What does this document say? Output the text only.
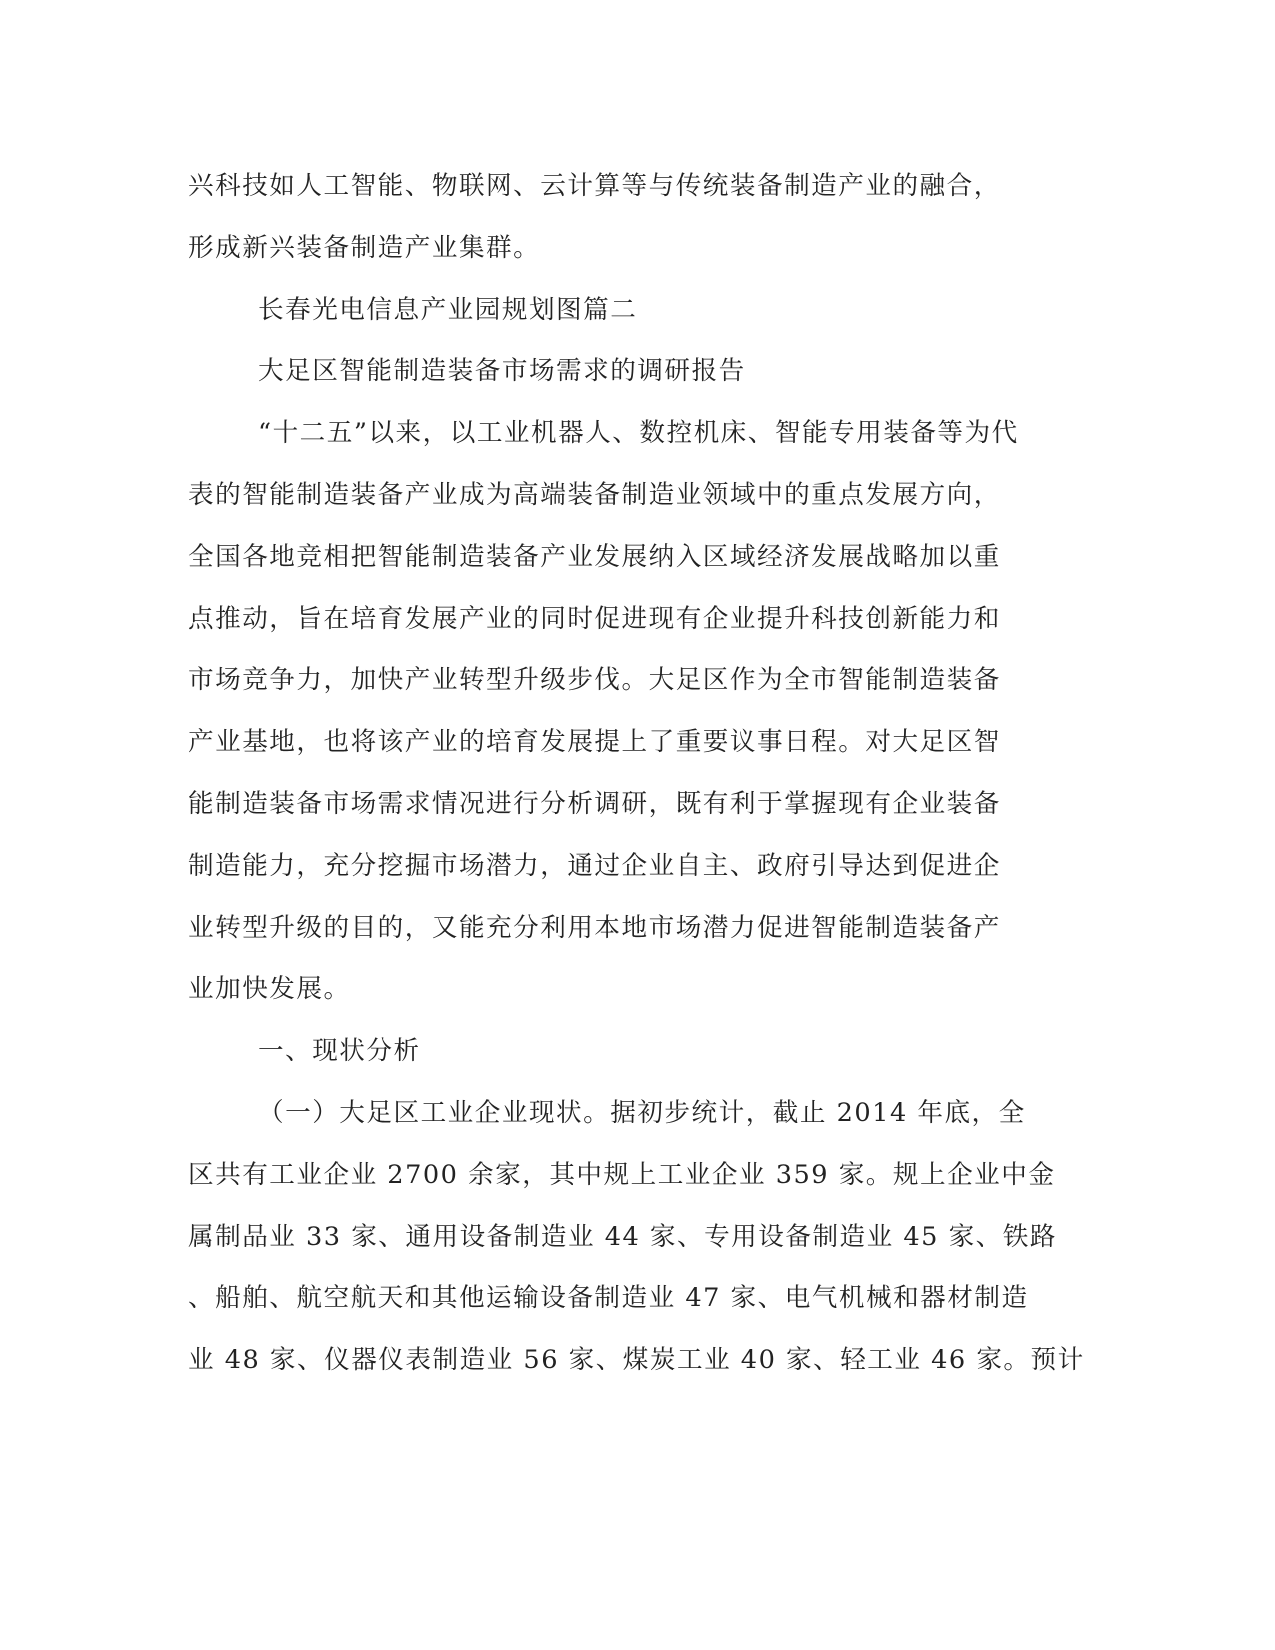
兴科技如人工智能、物联网、云计算等与传统装备制造产业的融合，
形成新兴装备制造产业集群。
长春光电信息产业园规划图篇二
大足区智能制造装备市场需求的调研报告
“十二五”以来，以工业机器人、数控机床、智能专用装备等为代
表的智能制造装备产业成为高端装备制造业领域中的重点发展方向，
全国各地竞相把智能制造装备产业发展纳入区域经济发展战略加以重
点推动，旨在培育发展产业的同时促进现有企业提升科技创新能力和
市场竞争力，加快产业转型升级步伐。大足区作为全市智能制造装备
产业基地，也将该产业的培育发展提上了重要议事日程。对大足区智
能制造装备市场需求情况进行分析调研，既有利于掌握现有企业装备
制造能力，充分挖掘市场潜力，通过企业自主、政府引导达到促进企
业转型升级的目的，又能充分利用本地市场潜力促进智能制造装备产
业加快发展。
一、现状分析
（一）大足区工业企业现状。据初步统计，截止 2014 年底，全
区共有工业企业 2700 余家，其中规上工业企业 359 家。规上企业中金
属制品业 33 家、通用设备制造业 44 家、专用设备制造业 45 家、铁路
、船舶、航空航天和其他运输设备制造业 47 家、电气机械和器材制造
业 48 家、仪器仪表制造业 56 家、煤炭工业 40 家、轻工业 46 家。预计
